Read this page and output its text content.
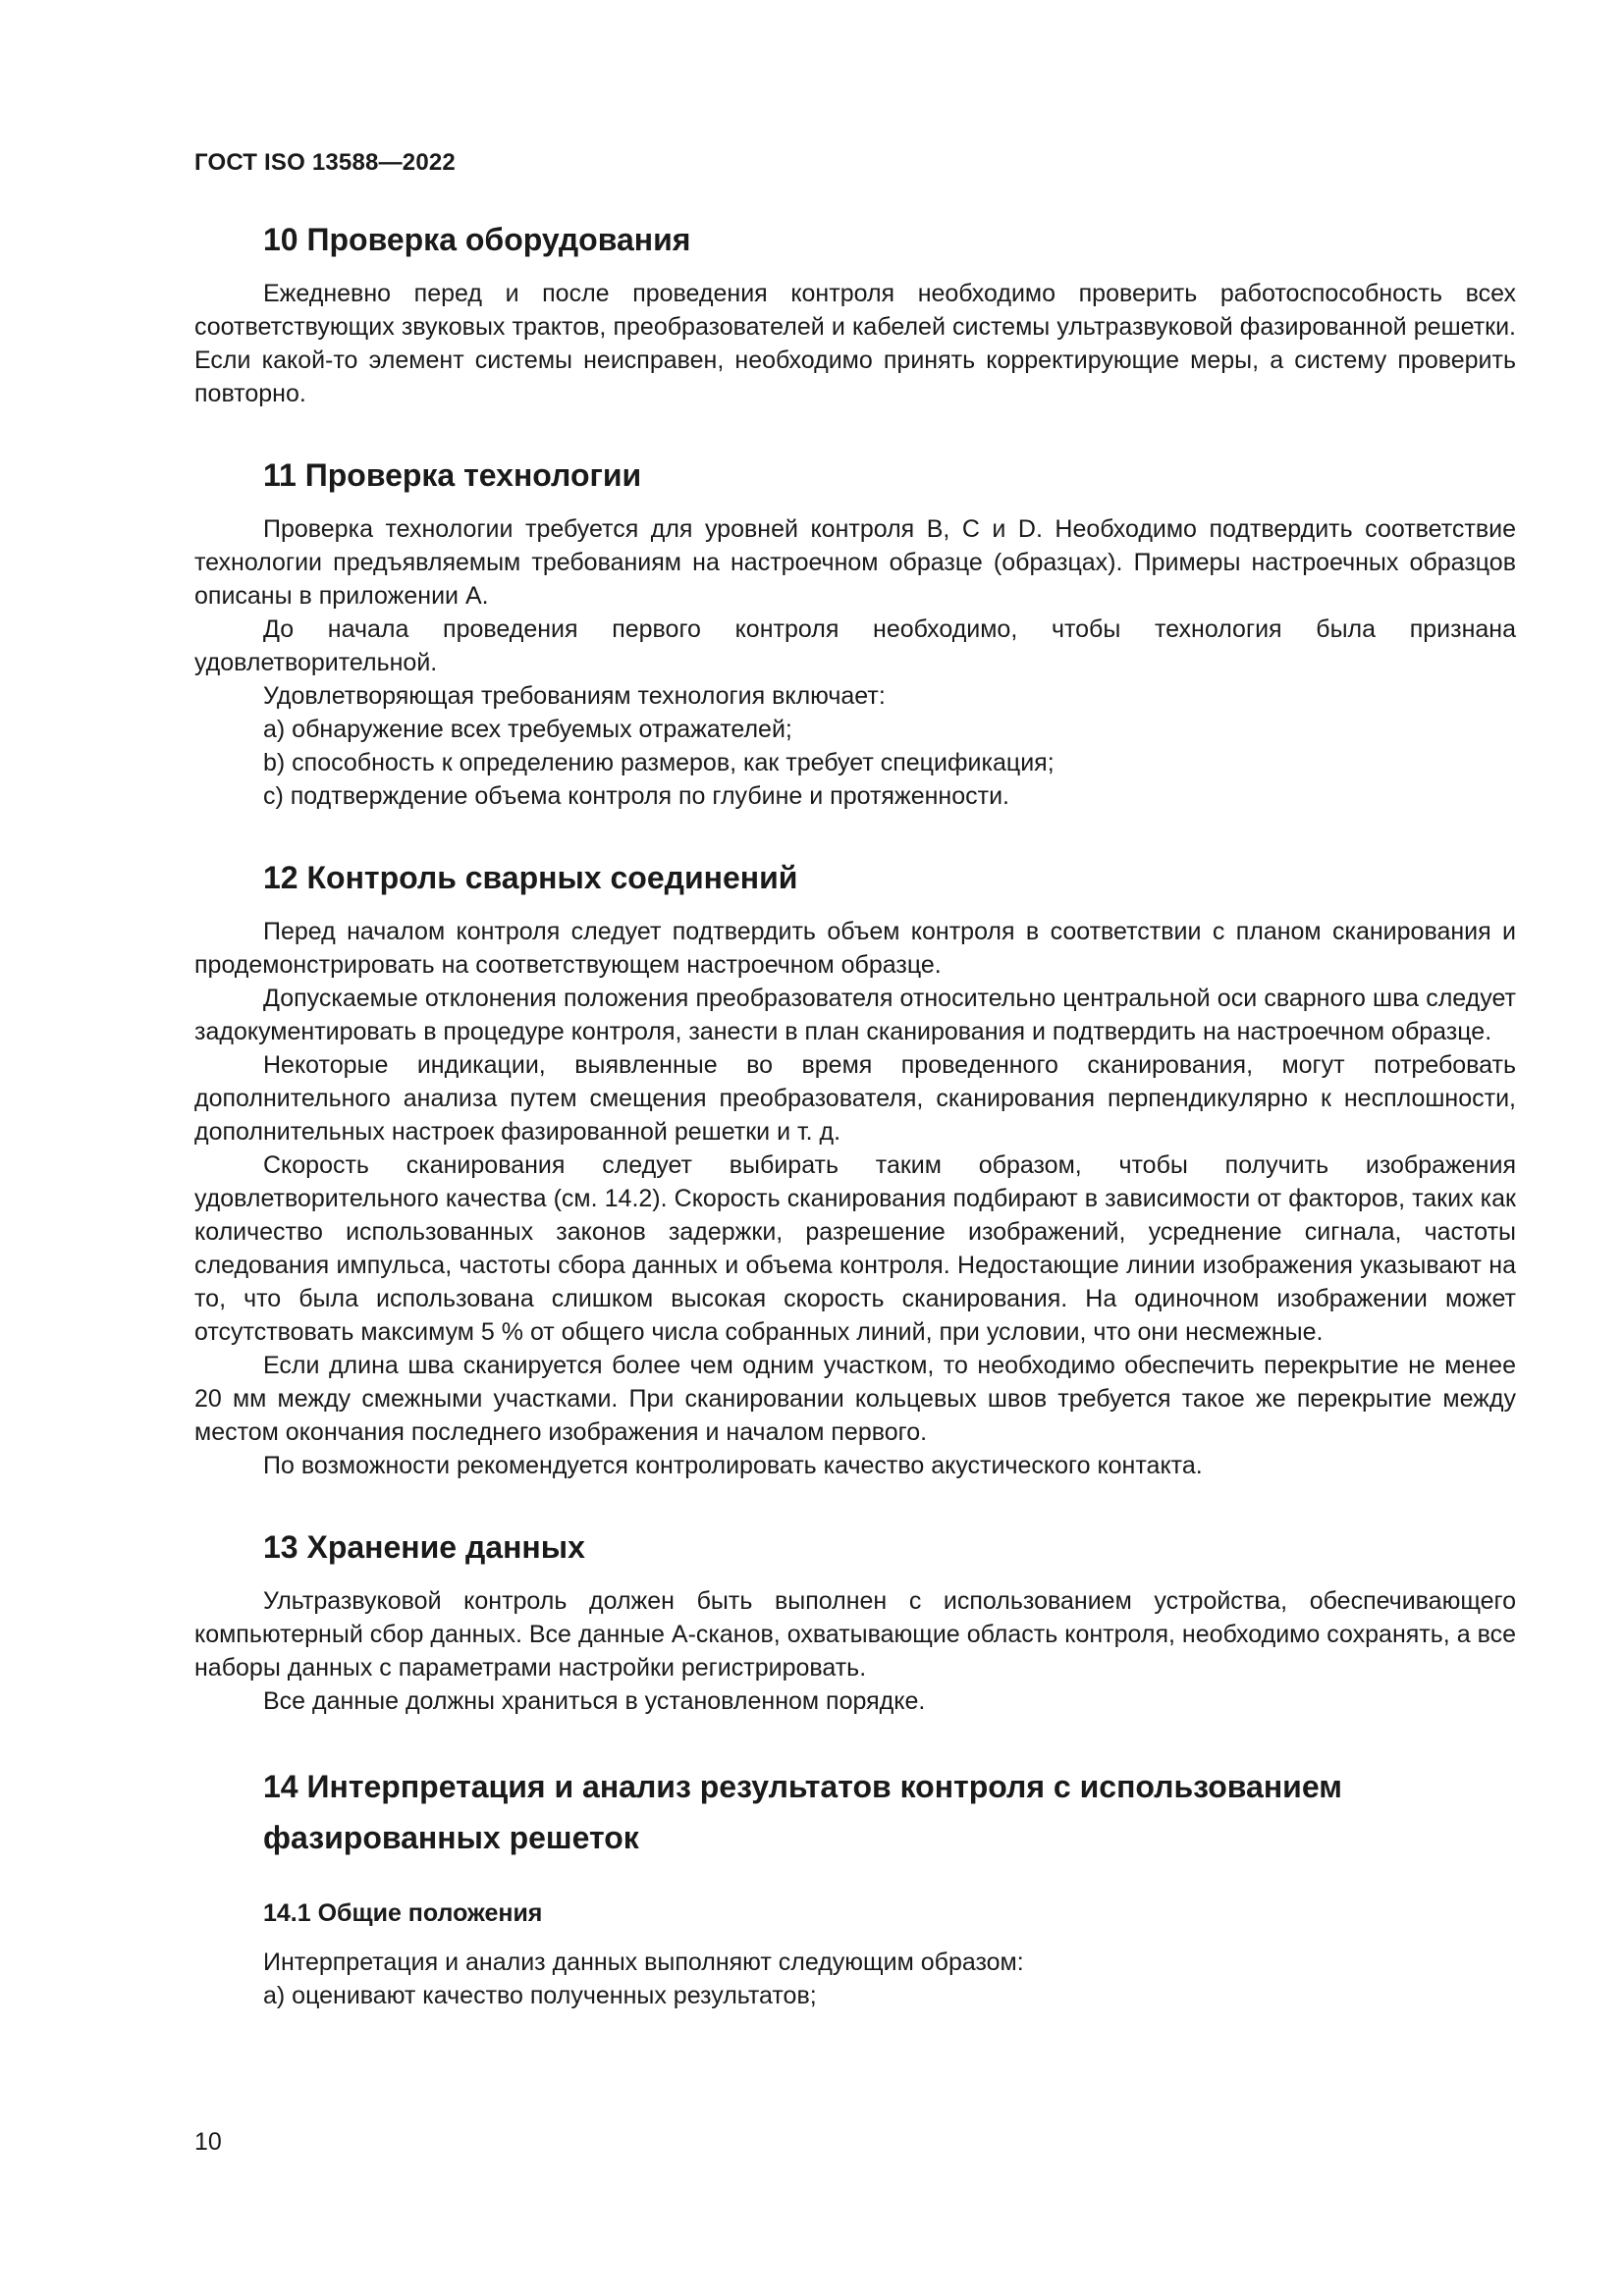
ГОСТ ISO 13588—2022
10 Проверка оборудования

Ежедневно перед и после проведения контроля необходимо проверить работоспособность всех соответствующих звуковых трактов, преобразователей и кабелей системы ультразвуковой фазированной решетки. Если какой-то элемент системы неисправен, необходимо принять корректирующие меры, а систему проверить повторно.

11 Проверка технологии

Проверка технологии требуется для уровней контроля В, С и D. Необходимо подтвердить соответствие технологии предъявляемым требованиям на настроечном образце (образцах). Примеры настроечных образцов описаны в приложении А.

До начала проведения первого контроля необходимо, чтобы технология была признана удовлетворительной.

Удовлетворяющая требованиям технология включает:

а) обнаружение всех требуемых отражателей;
b) способность к определению размеров, как требует спецификация;
c) подтверждение объема контроля по глубине и протяженности.
12 Контроль сварных соединений

Перед началом контроля следует подтвердить объем контроля в соответствии с планом сканирования и продемонстрировать на соответствующем настроечном образце.

Допускаемые отклонения положения преобразователя относительно центральной оси сварного шва следует задокументировать в процедуре контроля, занести в план сканирования и подтвердить на настроечном образце.

Некоторые индикации, выявленные во время проведенного сканирования, могут потребовать дополнительного анализа путем смещения преобразователя, сканирования перпендикулярно к несплошности, дополнительных настроек фазированной решетки и т. д.

Скорость сканирования следует выбирать таким образом, чтобы получить изображения удовлетворительного качества (см. 14.2). Скорость сканирования подбирают в зависимости от факторов, таких как количество использованных законов задержки, разрешение изображений, усреднение сигнала, частоты следования импульса, частоты сбора данных и объема контроля. Недостающие линии изображения указывают на то, что была использована слишком высокая скорость сканирования. На одиночном изображении может отсутствовать максимум 5 % от общего числа собранных линий, при условии, что они несмежные.

Если длина шва сканируется более чем одним участком, то необходимо обеспечить перекрытие не менее 20 мм между смежными участками. При сканировании кольцевых швов требуется такое же перекрытие между местом окончания последнего изображения и началом первого.

По возможности рекомендуется контролировать качество акустического контакта.

13 Хранение данных

Ультразвуковой контроль должен быть выполнен с использованием устройства, обеспечивающего компьютерный сбор данных. Все данные А-сканов, охватывающие область контроля, необходимо сохранять, а все наборы данных с параметрами настройки регистрировать.

Все данные должны храниться в установленном порядке.

14 Интерпретация и анализ результатов контроля с использованием
фазированных решеток
14.1 Общие положения

Интерпретация и анализ данных выполняют следующим образом:

а) оценивают качество полученных результатов;
10
